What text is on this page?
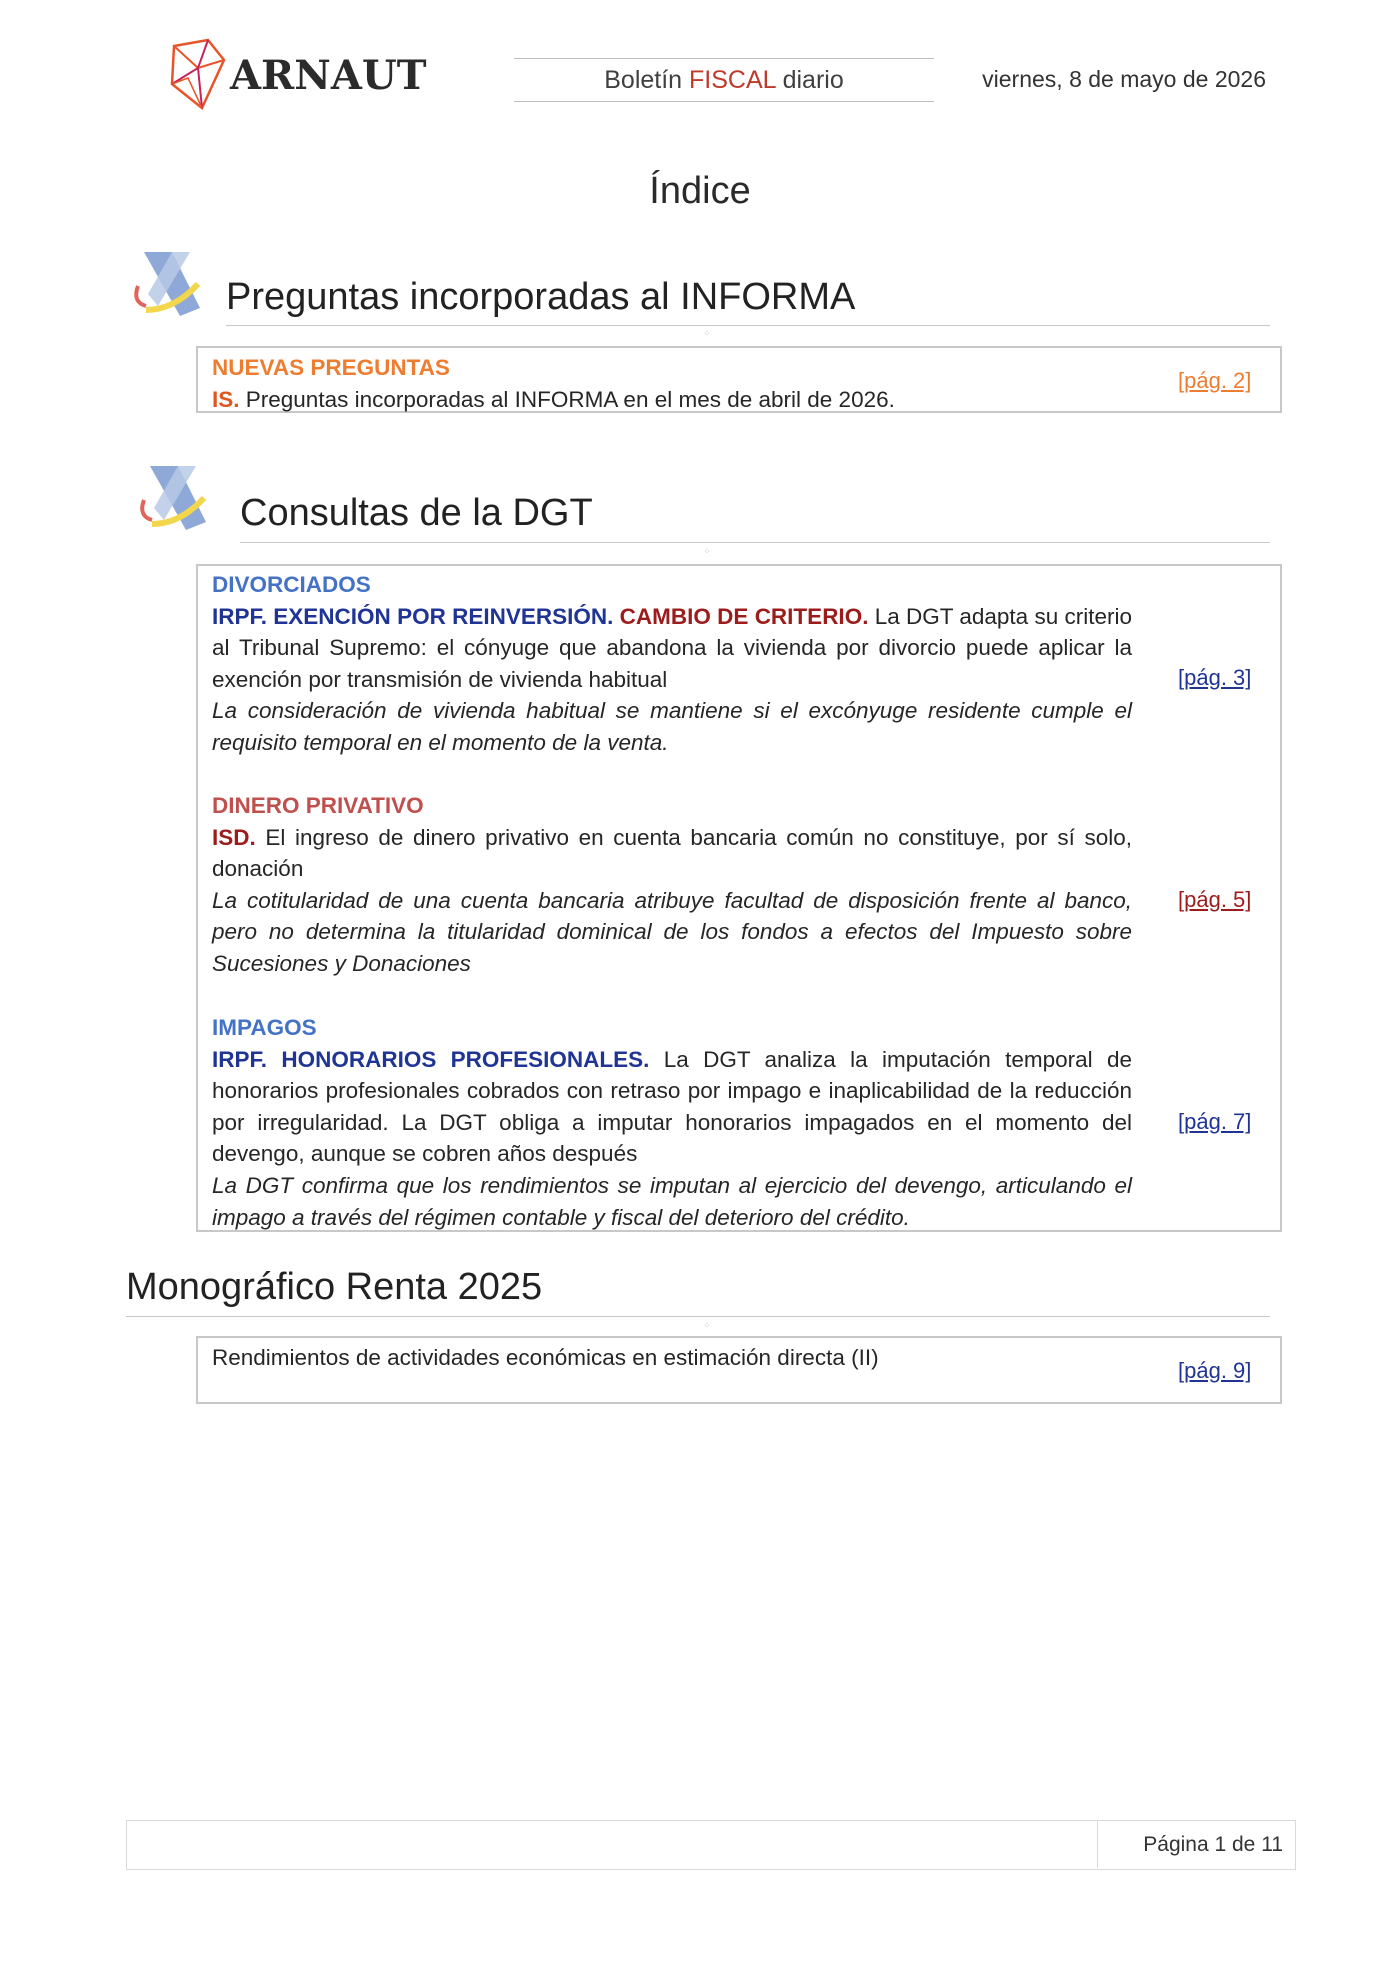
ARNAUT	Boletín FISCAL diario	viernes, 8 de mayo de 2026
Índice
Preguntas incorporadas al INFORMA
⁘
NUEVAS PREGUNTAS
IS. Preguntas incorporadas al INFORMA en el mes de abril de 2026.
[pág. 2]
Consultas de la DGT
⁘
DIVORCIADOS
IRPF. EXENCIÓN POR REINVERSIÓN. CAMBIO DE CRITERIO. La DGT adapta su criterio al Tribunal Supremo: el cónyuge que abandona la vivienda por divorcio puede aplicar la exención por transmisión de vivienda habitual
La consideración de vivienda habitual se mantiene si el excónyuge residente cumple el requisito temporal en el momento de la venta.
[pág. 3]
DINERO PRIVATIVO
ISD. El ingreso de dinero privativo en cuenta bancaria común no constituye, por sí solo, donación
La cotitularidad de una cuenta bancaria atribuye facultad de disposición frente al banco, pero no determina la titularidad dominical de los fondos a efectos del Impuesto sobre Sucesiones y Donaciones
[pág. 5]
IMPAGOS
IRPF. HONORARIOS PROFESIONALES. La DGT analiza la imputación temporal de honorarios profesionales cobrados con retraso por impago e inaplicabilidad de la reducción por irregularidad. La DGT obliga a imputar honorarios impagados en el momento del devengo, aunque se cobren años después
La DGT confirma que los rendimientos se imputan al ejercicio del devengo, articulando el impago a través del régimen contable y fiscal del deterioro del crédito.
[pág. 7]
Monográfico Renta 2025
⁘
Rendimientos de actividades económicas en estimación directa (II)
[pág. 9]
Página 1 de 11
